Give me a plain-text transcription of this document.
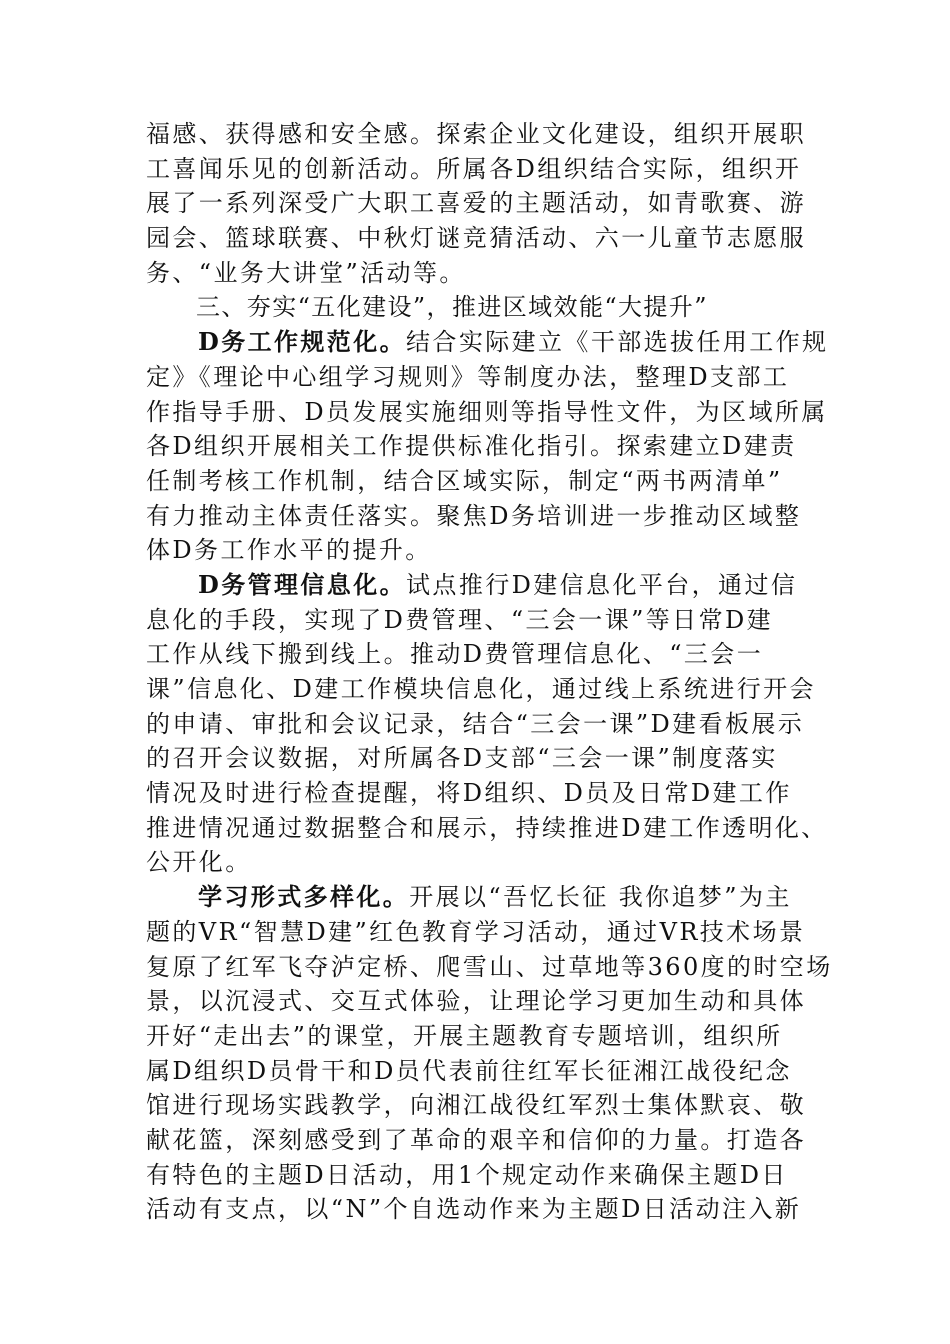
福感、获得感和安全感。探索企业文化建设，组织开展职
工喜闻乐见的创新活动。所属各D组织结合实际，组织开
展了一系列深受广大职工喜爱的主题活动，如青歌赛、游
园会、篮球联赛、中秋灯谜竞猜活动、六一儿童节志愿服
务、“业务大讲堂”活动等。
三、夯实“五化建设”，推进区域效能“大提升”
D务工作规范化。结合实际建立《干部选拔任用工作规
定》《理论中心组学习规则》等制度办法，整理D支部工
作指导手册、D员发展实施细则等指导性文件，为区域所属
各D组织开展相关工作提供标准化指引。探索建立D建责
任制考核工作机制，结合区域实际，制定“两书两清单”
有力推动主体责任落实。聚焦D务培训进一步推动区域整
体D务工作水平的提升。
D务管理信息化。试点推行D建信息化平台，通过信
息化的手段，实现了D费管理、“三会一课”等日常D建
工作从线下搬到线上。推动D费管理信息化、“三会一
课”信息化、D建工作模块信息化，通过线上系统进行开会
的申请、审批和会议记录，结合“三会一课”D建看板展示
的召开会议数据，对所属各D支部“三会一课”制度落实
情况及时进行检查提醒，将D组织、D员及日常D建工作
推进情况通过数据整合和展示，持续推进D建工作透明化、
公开化。
学习形式多样化。开展以“吾忆长征 我你追梦”为主
题的VR“智慧D建”红色教育学习活动，通过VR技术场景
复原了红军飞夺泸定桥、爬雪山、过草地等360度的时空场
景，以沉浸式、交互式体验，让理论学习更加生动和具体
开好“走出去”的课堂，开展主题教育专题培训，组织所
属D组织D员骨干和D员代表前往红军长征湘江战役纪念
馆进行现场实践教学，向湘江战役红军烈士集体默哀、敬
献花篮，深刻感受到了革命的艰辛和信仰的力量。打造各
有特色的主题D日活动，用1个规定动作来确保主题D日
活动有支点，以“N”个自选动作来为主题D日活动注入新
